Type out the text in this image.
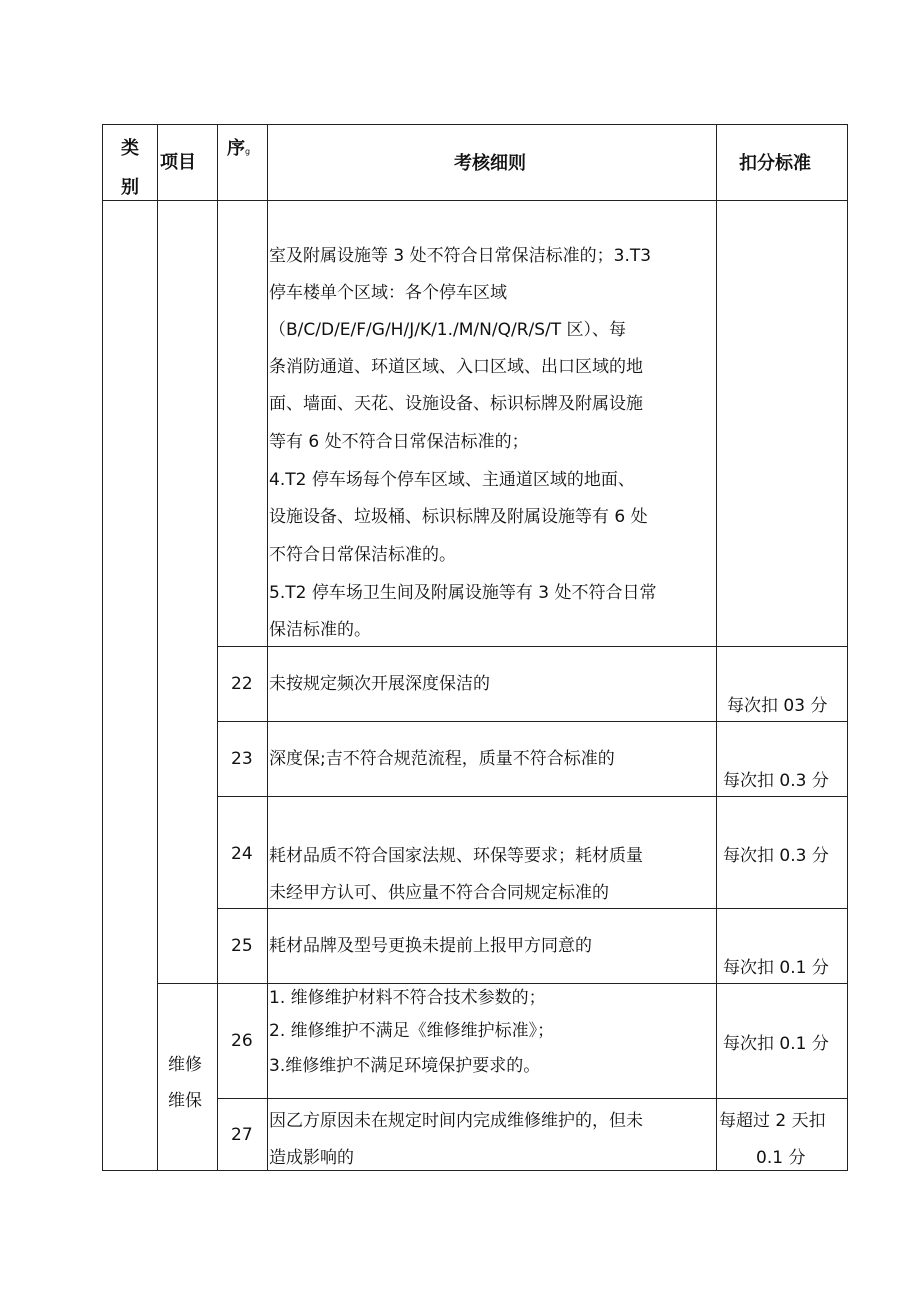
类
别
项目
序g
考核细则	扣分标准
室及附属设施等 3 处不符合日常保洁标准的；3.T3
停车楼单个区域：各个停车区域
（B/C/D/E/F/G/H/J/K/1./M/N/Q/R/S/T 区）、每
条消防通道、环道区域、入口区域、出口区域的地
面、墙面、天花、设施设备、标识标牌及附属设施
等有 6 处不符合日常保洁标准的；
4.T2 停车场每个停车区域、主通道区域的地面、
设施设备、垃圾桶、标识标牌及附属设施等有 6 处
不符合日常保洁标准的。
5.T2 停车场卫生间及附属设施等有 3 处不符合日常
保洁标准的。
22 未按规定频次开展深度保洁的
每次扣 03 分
23 深度保;吉不符合规范流程，质量不符合标准的
每次扣 0.3 分
24 耗材品质不符合国家法规、环保等要求；耗材质量
未经甲方认可、供应量不符合合同规定标准的
每次扣 0.3 分
25 耗材品牌及型号更换未提前上报甲方同意的
每次扣 0.1 分
维修
维保
26
1. 维修维护材料不符合技术参数的；
2. 维修维护不满足《维修维护标准》；
3.维修维护不满足环境保护要求的。
每次扣 0.1 分
27
因乙方原因未在规定时间内完成维修维护的，但未
造成影响的
每超过 2 天扣
0.1 分
